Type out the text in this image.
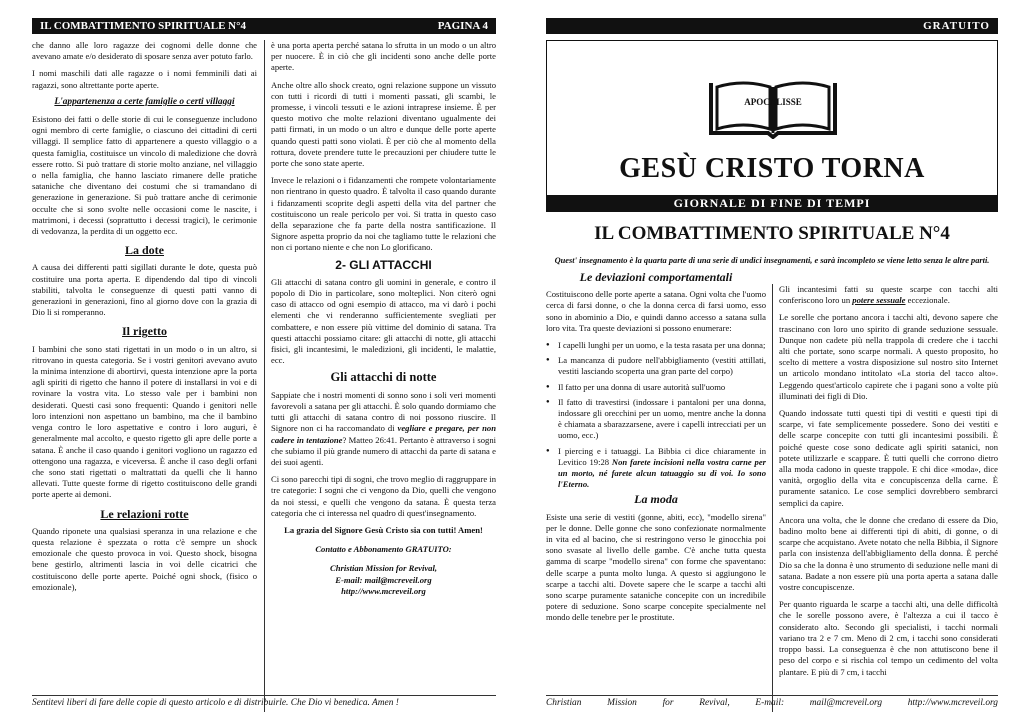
IL COMBATTIMENTO SPIRITUALE N°4	PAGINA 4

che danno alle loro ragazze dei cognomi delle donne che avevano amate e/o desiderato di sposare senza aver potuto farlo.

I nomi maschili dati alle ragazze o i nomi femminili dati ai ragazzi, sono altrettante porte aperte.

L'appartenenza a certe famiglie o certi villaggi

Esistono dei fatti o delle storie di cui le conseguenze includono ogni membro di certe famiglie, o ciascuno dei cittadini di certi villaggi. Il semplice fatto di appartenere a questo villaggio o a questa famiglia, costituisce un vincolo di maledizione che dovrà essere rotto. Si può trattare di storie molto anziane, nel villaggio o nella famiglia, che hanno lasciato rimanere delle pratiche sataniche che diventano dei costumi che si tramandano di generazione in generazione. Si può trattare anche di cerimonie occulte che si sono svolte nelle occasioni come le nascite, i matrimoni, i decessi (soprattutto i decessi tragici), le cerimonie di vedovanza, la perdita di un oggetto ecc.

La dote

A causa dei differenti patti sigillati durante le dote, questa può costituire una porta aperta. E dipendendo dal tipo di vincoli stabiliti, talvolta le conseguenze di questi patti vanno di generazioni in generazioni, fino al giorno dove con la grazia di Dio li si romperanno.

Il rigetto

I bambini che sono stati rigettati in un modo o in un altro, si ritrovano in questa categoria. Se i vostri genitori avevano avuto la minima intenzione di abortirvi, questa intenzione apre la porta agli spiriti di rigetto che hanno il potere di installarsi in voi e di rovinare la vostra vita. Lo stesso vale per i bambini non desiderati. Questi casi sono frequenti: Quando i genitori nelle loro intenzioni non aspettano un bambino, ma che il bambino venga contro le loro aspettative e contro i loro auguri, è generalmente mal accolto, e questo rigetto gli apre delle porte a satana. È anche il caso quando i genitori vogliono un ragazzo ed ottengono una ragazza, e viceversa. È anche il caso degli orfani che sono stati rigettati o maltrattati da quelli che li hanno allevati. Tutte queste forme di rigetto costituiscono delle grandi porte aperte ai demoni.

Le relazioni rotte

Quando riponete una qualsiasi speranza in una relazione e che questa relazione è spezzata o rotta c'è sempre un shock emozionale che questo provoca in voi. Questo shock, bisogna bene gestirlo, altrimenti lascia in voi delle cicatrici che costituiscono delle porte aperte. Poiché ogni shock, (fisico o emozionale),

è una porta aperta perché satana lo sfrutta in un modo o un altro per nuocere. È in ciò che gli incidenti sono anche delle porte aperte.

Anche oltre allo shock creato, ogni relazione suppone un vissuto con tutti i ricordi di tutti i momenti passati, gli scambi, le promesse, i vincoli tessuti e le azioni intraprese insieme. È per questo motivo che molte relazioni diventano ugualmente dei patti firmati, in un modo o un altro e dunque delle porte aperte quando questi patti sono violati. È per ciò che al momento della rottura, dovete prendere tutte le precauzioni per chiudere tutte le porte che sono state aperte.

Invece le relazioni o i fidanzamenti che rompete volontariamente non rientrano in questo quadro. È talvolta il caso quando durante i fidanzamenti scoprite degli aspetti della vita del partner che costituiscono un reale pericolo per voi. Si tratta in questo caso della separazione che fa parte della nostra santificazione. Il Signore aspetta proprio da noi che tagliamo tutte le relazioni che non ci portano niente e che non Lo glorificano.

2- GLI ATTACCHI

Gli attacchi di satana contro gli uomini in generale, e contro il popolo di Dio in particolare, sono molteplici. Non citerò ogni caso di attacco od ogni esempio di attacco, ma vi darò i pochi elementi che vi renderanno sufficientemente svegliati per combattere, e non essere più vittime del dominio di satana. Tra questi attacchi possiamo citare: gli attacchi di notte, gli attacchi fisici, gli incantesimi, le maledizioni, gli incidenti, le malattie, ecc.

Gli attacchi di notte

Sappiate che i nostri momenti di sonno sono i soli veri momenti favorevoli a satana per gli attacchi. È solo quando dormiamo che tutti gli attacchi di satana contro di noi possono riuscire. Il Signore non ci ha raccomandato di vegliare e pregare, per non cadere in tentazione? Matteo 26:41. Pertanto è attraverso i sogni che subiamo il più grande numero di attacchi da parte di satana e dei suoi agenti.

Ci sono parecchi tipi di sogni, che trovo meglio di raggruppare in tre categorie: I sogni che ci vengono da Dio, quelli che vengono da noi stessi, e quelli che vengono da satana. È questa terza categoria che ci interessa nel quadro di quest'insegnamento.

La grazia del Signore Gesù Cristo sia con tutti! Amen!
Contatto e Abbonamento GRATUITO:
Christian Mission for Revival,
E-mail: mail@mcreveil.org
http://www.mcreveil.org
Sentitevi liberi di fare delle copie di questo articolo e di distribuirle. Che Dio vi benedica. Amen !
GRATUITO
APOCALISSE
GESÙ CRISTO TORNA
GIORNALE DI FINE DI TEMPI
IL COMBATTIMENTO SPIRITUALE N°4
Quest' insegnamento è la quarta parte di una serie di undici insegnamenti, e sarà incompleto se viene letto senza le altre parti.
Le deviazioni comportamentali

Costituiscono delle porte aperte a satana. Ogni volta che l'uomo cerca di farsi donne, o che la donna cerca di farsi uomo, esso sono in abominio a Dio, e quindi danno accesso a satana sulla loro vita. Tra queste deviazioni si possono enumerare:

● I capelli lunghi per un uomo, e la testa rasata per una donna;
● La mancanza di pudore nell'abbigliamento (vestiti attillati, vestiti lasciando scoperta una gran parte del corpo)
● Il fatto per una donna di usare autorità sull'uomo
● Il fatto di travestirsi (indossare i pantaloni per una donna, indossare gli orecchini per un uomo, mentre anche la donna è chiamata a sbarazzarsene, avere i capelli intrecciati per un uomo, ecc.)
● I piercing e i tatuaggi. La Bibbia ci dice chiaramente in Levitico 19:28 Non farete incisioni nella vostra carne per un morto, né farete alcun tatuaggio su di voi. Io sono l'Eterno.
La moda

Esiste una serie di vestiti (gonne, abiti, ecc), "modello sirena" per le donne. Delle gonne che sono confezionate normalmente in vita ed al bacino, che si restringono verso le ginocchia poi sono svasate al livello delle gambe. C'è anche tutta questa gamma di scarpe "modello sirena" con forme che spaventano: delle scarpe a punta molto lunga. A questo si aggiungono le scarpe a tacchi alti. Dovete sapere che le scarpe a tacchi alti sono scarpe puramente sataniche concepite con un incredibile potere di seduzione. Sono scarpe concepite specialmente nel mondo delle tenebre per le prostitute.

Gli incantesimi fatti su queste scarpe con tacchi alti conferiscono loro un potere sessuale eccezionale.

Le sorelle che portano ancora i tacchi alti, devono sapere che trascinano con loro uno spirito di grande seduzione sessuale. Dunque non cadete più nella trappola di credere che i tacchi alti che portate, sono scarpe normali. A questo proposito, ho scelto di mettere a vostra disposizione sul nostro sito Internet un articolo mondano intitolato «La storia del tacco alto». Leggendo quest'articolo capirete che i pagani sono a volte più illuminati dei figli di Dio.

Quando indossate tutti questi tipi di vestiti e questi tipi di scarpe, vi fate semplicemente possedere. Sono dei vestiti e delle scarpe concepite con tutti gli incantesimi possibili. È poiché queste cose sono dedicate agli spiriti satanici, non potete utilizzarle e scappare. È tutti quelli che corrono dietro alla moda cadono in queste trappole. E chi dice «moda», dice vanità, orgoglio della vita e concupiscenza della carne. È puramente satanico. Le cose semplici dovrebbero sembrarci semplici da capire.

Ancora una volta, che le donne che credano di essere da Dio, badino molto bene ai differenti tipi di abiti, di gonne, o di scarpe che acquistano. Avete notato che nella Bibbia, il Signore parla con insistenza dell'abbigliamento della donna. È perché Dio sa che la donna è uno strumento di seduzione nelle mani di satana. Badate a non essere più una porta aperta a satana dalle vostre concupiscenze.

Per quanto riguarda le scarpe a tacchi alti, una delle difficoltà che le sorelle possono avere, è l'altezza a cui il tacco è considerato alto. Secondo gli specialisti, i tacchi normali variano tra 2 e 7 cm. Meno di 2 cm, i tacchi sono considerati troppo bassi. La conseguenza è che non attutiscono bene il peso del corpo e si rischia col tempo un cedimento del volta plantare. E più di 7 cm, i tacchi

Christian	Mission	for	Revival,	E-mail:	mail@mcreveil.org	http://www.mcreveil.org
